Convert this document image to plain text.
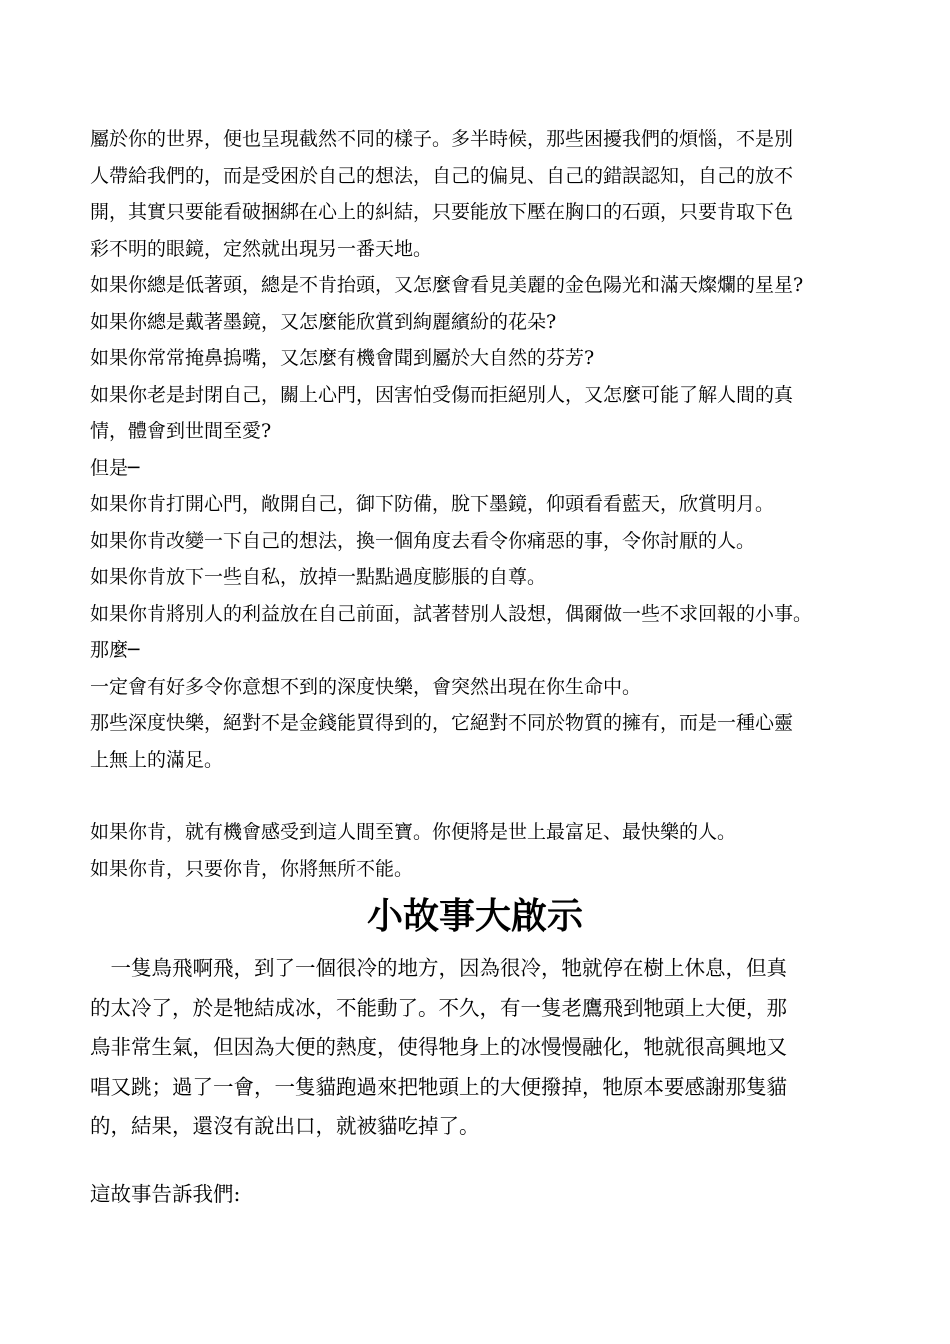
屬於你的世界，便也呈現截然不同的樣子。多半時候，那些困擾我們的煩惱，不是別

人帶給我們的，而是受困於自己的想法，自己的偏見、自己的錯誤認知，自己的放不

開，其實只要能看破捆綁在心上的糾結，只要能放下壓在胸口的石頭，只要肯取下色

彩不明的眼鏡，定然就出現另一番天地。

如果你總是低著頭，總是不肯抬頭，又怎麼會看見美麗的金色陽光和滿天燦爛的星星?

如果你總是戴著墨鏡，又怎麼能欣賞到絢麗繽紛的花朵?

如果你常常掩鼻摀嘴，又怎麼有機會聞到屬於大自然的芬芳?

如果你老是封閉自己，關上心門，因害怕受傷而拒絕別人，又怎麼可能了解人間的真

情，體會到世間至愛?

但是─

如果你肯打開心門，敞開自己，御下防備，脫下墨鏡，仰頭看看藍天，欣賞明月。

如果你肯改變一下自己的想法，換一個角度去看令你痛惡的事，令你討厭的人。

如果你肯放下一些自私，放掉一點點過度膨脹的自尊。

如果你肯將別人的利益放在自己前面，試著替別人設想，偶爾做一些不求回報的小事。

那麼─

一定會有好多令你意想不到的深度快樂，會突然出現在你生命中。

那些深度快樂，絕對不是金錢能買得到的，它絕對不同於物質的擁有，而是一種心靈

上無上的滿足。

如果你肯，就有機會感受到這人間至寶。你便將是世上最富足、最快樂的人。

如果你肯，只要你肯，你將無所不能。

小故事大啟示

　一隻鳥飛啊飛，到了一個很冷的地方，因為很冷，牠就停在樹上休息，但真

的太冷了，於是牠結成冰，不能動了。不久，有一隻老鷹飛到牠頭上大便，那

鳥非常生氣，但因為大便的熱度，使得牠身上的冰慢慢融化，牠就很高興地又

唱又跳；過了一會，一隻貓跑過來把牠頭上的大便撥掉，牠原本要感謝那隻貓

的，結果，還沒有說出口，就被貓吃掉了。

這故事告訴我們:
